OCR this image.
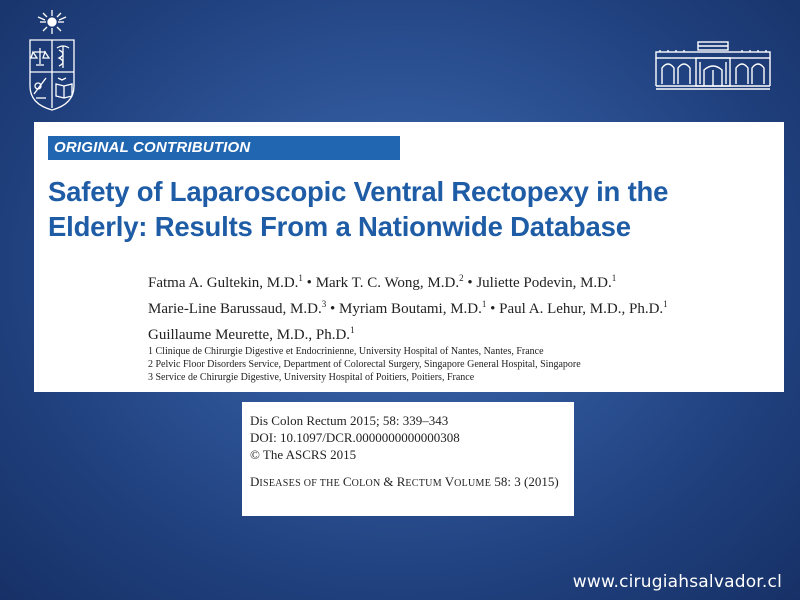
ORIGINAL CONTRIBUTION
Safety of Laparoscopic Ventral Rectopexy in the
Elderly: Results From a Nationwide Database
Fatma A. Gultekin, M.D.$^1$ • Mark T. C. Wong, M.D.$^2$ • Juliette Podevin, M.D.$^1$
Marie-Line Barussaud, M.D.$^3$ • Myriam Boutami, M.D.$^1$ • Paul A. Lehur, M.D., Ph.D.$^1$
Guillaume Meurette, M.D., Ph.D.$^1$
1 Clinique de Chirurgie Digestive et Endocrinienne, University Hospital of Nantes, Nantes, France
2 Pelvic Floor Disorders Service, Department of Colorectal Surgery, Singapore General Hospital, Singapore
3 Service de Chirurgie Digestive, University Hospital of Poitiers, Poitiers, France
Dis Colon Rectum 2015; 58: 339–343
DOI: 10.1097/DCR.0000000000000308
© The ASCRS 2015
DISEASES OF THE COLON & RECTUM VOLUME 58: 3 (2015)
www.cirugiahsalvador.cl
